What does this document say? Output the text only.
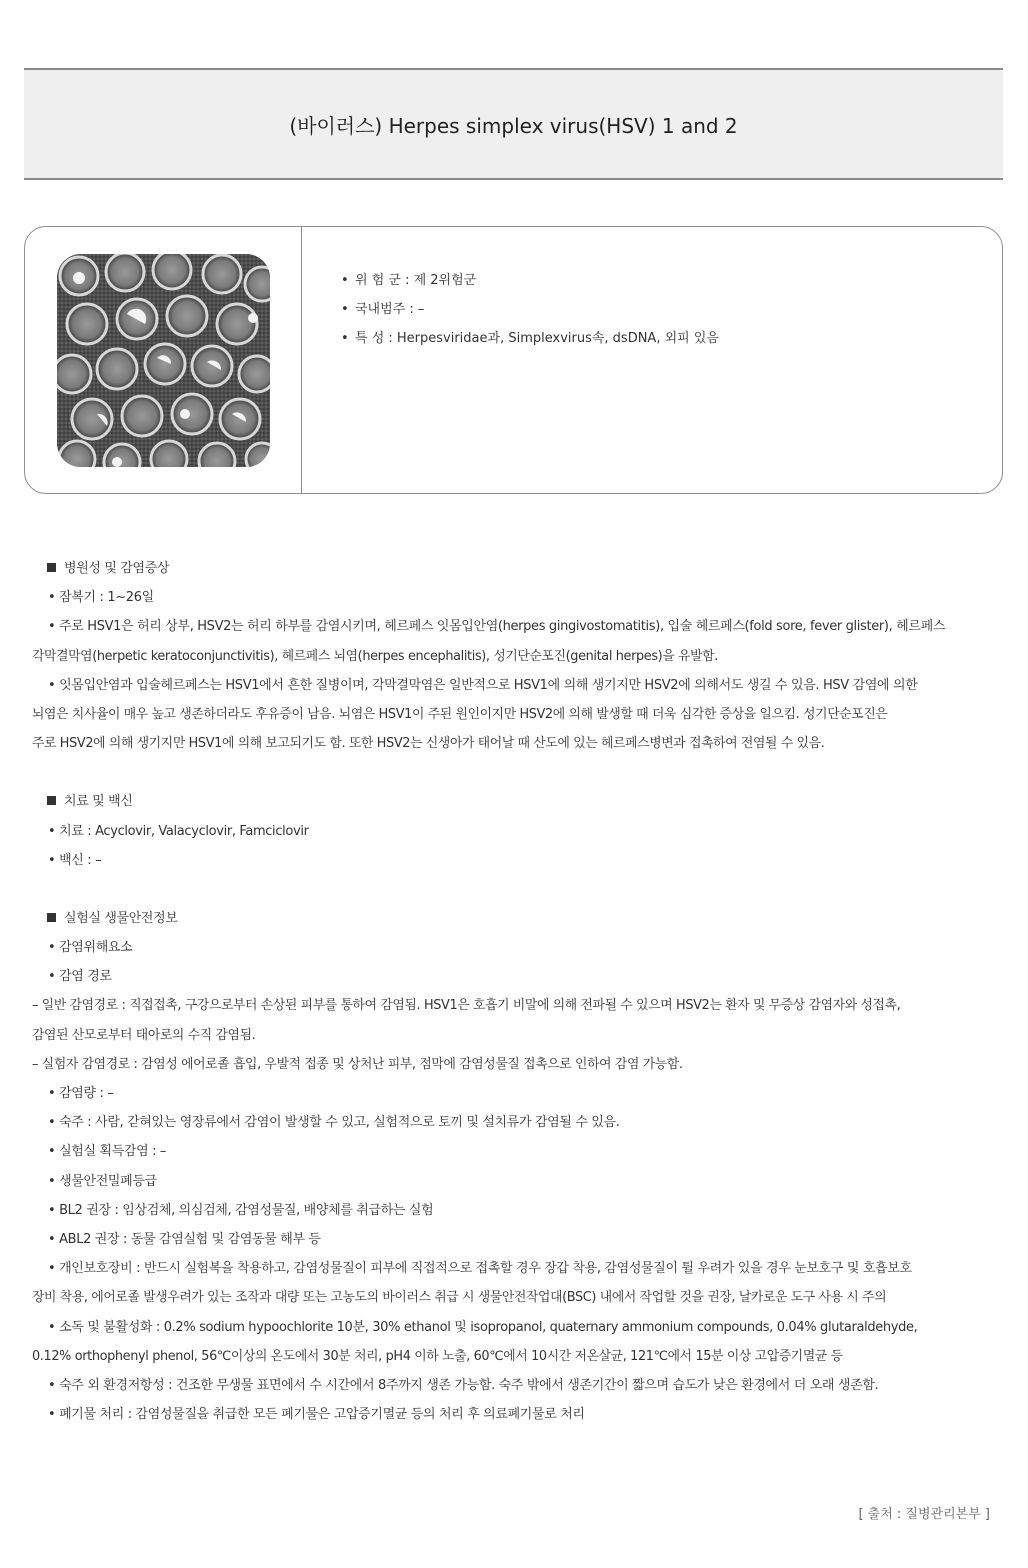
(바이러스) Herpes simplex virus(HSV) 1 and 2
• 위 험 군 : 제 2위험군
• 국내범주 : –
• 특 성 : Herpesviridae과, Simplexvirus속, dsDNA, 외피 있음
병원성 및 감염증상
• 잠복기 : 1~26일
• 주로 HSV1은 허리 상부, HSV2는 허리 하부를 감염시키며, 헤르페스 잇몸입안염(herpes gingivostomatitis), 입술 헤르페스(fold sore, fever glister), 헤르페스
각막결막염(herpetic keratoconjunctivitis), 헤르페스 뇌염(herpes encephalitis), 성기단순포진(genital herpes)을 유발함.
• 잇몸입안염과 입술헤르페스는 HSV1에서 흔한 질병이며, 각막결막염은 일반적으로 HSV1에 의해 생기지만 HSV2에 의해서도 생길 수 있음. HSV 감염에 의한
뇌염은 치사율이 매우 높고 생존하더라도 후유증이 남음. 뇌염은 HSV1이 주된 원인이지만 HSV2에 의해 발생할 때 더욱 심각한 증상을 일으킴. 성기단순포진은
주로 HSV2에 의해 생기지만 HSV1에 의해 보고되기도 함. 또한 HSV2는 신생아가 태어날 때 산도에 있는 헤르페스병변과 접촉하여 전염될 수 있음.
치료 및 백신
• 치료 : Acyclovir, Valacyclovir, Famciclovir
• 백신 : –
실험실 생물안전정보
• 감염위해요소
• 감염 경로
– 일반 감염경로 : 직접접촉, 구강으로부터 손상된 피부를 통하여 감염됨. HSV1은 호흡기 비말에 의해 전파될 수 있으며 HSV2는 환자 및 무증상 감염자와 성접촉,
감염된 산모로부터 태아로의 수직 감염됨.
– 실험자 감염경로 : 감염성 에어로졸 흡입, 우발적 접종 및 상처난 피부, 점막에 감염성물질 접촉으로 인하여 감염 가능함.
• 감염량 : –
• 숙주 : 사람, 갇혀있는 영장류에서 감염이 발생할 수 있고, 실험적으로 토끼 및 설치류가 감염될 수 있음.
• 실험실 획득감염 : –
• 생물안전밀폐등급
• BL2 권장 : 임상검체, 의심검체, 감염성물질, 배양체를 취급하는 실험
• ABL2 권장 : 동물 감염실험 및 감염동물 해부 등
• 개인보호장비 : 반드시 실험복을 착용하고, 감염성물질이 피부에 직접적으로 접촉할 경우 장갑 착용, 감염성물질이 튈 우려가 있을 경우 눈보호구 및 호흡보호
장비 착용, 에어로졸 발생우려가 있는 조작과 대량 또는 고농도의 바이러스 취급 시 생물안전작업대(BSC) 내에서 작업할 것을 권장, 날카로운 도구 사용 시 주의
• 소독 및 불활성화 : 0.2% sodium hypoochlorite 10분, 30% ethanol 및 isopropanol, quaternary ammonium compounds, 0.04% glutaraldehyde,
0.12% orthophenyl phenol, 56℃이상의 온도에서 30분 처리, pH4 이하 노출, 60℃에서 10시간 저온살균, 121℃에서 15분 이상 고압증기멸균 등
• 숙주 외 환경저항성 : 건조한 무생물 표면에서 수 시간에서 8주까지 생존 가능함. 숙주 밖에서 생존기간이 짧으며 습도가 낮은 환경에서 더 오래 생존함.
• 폐기물 처리 : 감염성물질을 취급한 모든 폐기물은 고압증기멸균 등의 처리 후 의료폐기물로 처리
[ 출처 : 질병관리본부 ]
